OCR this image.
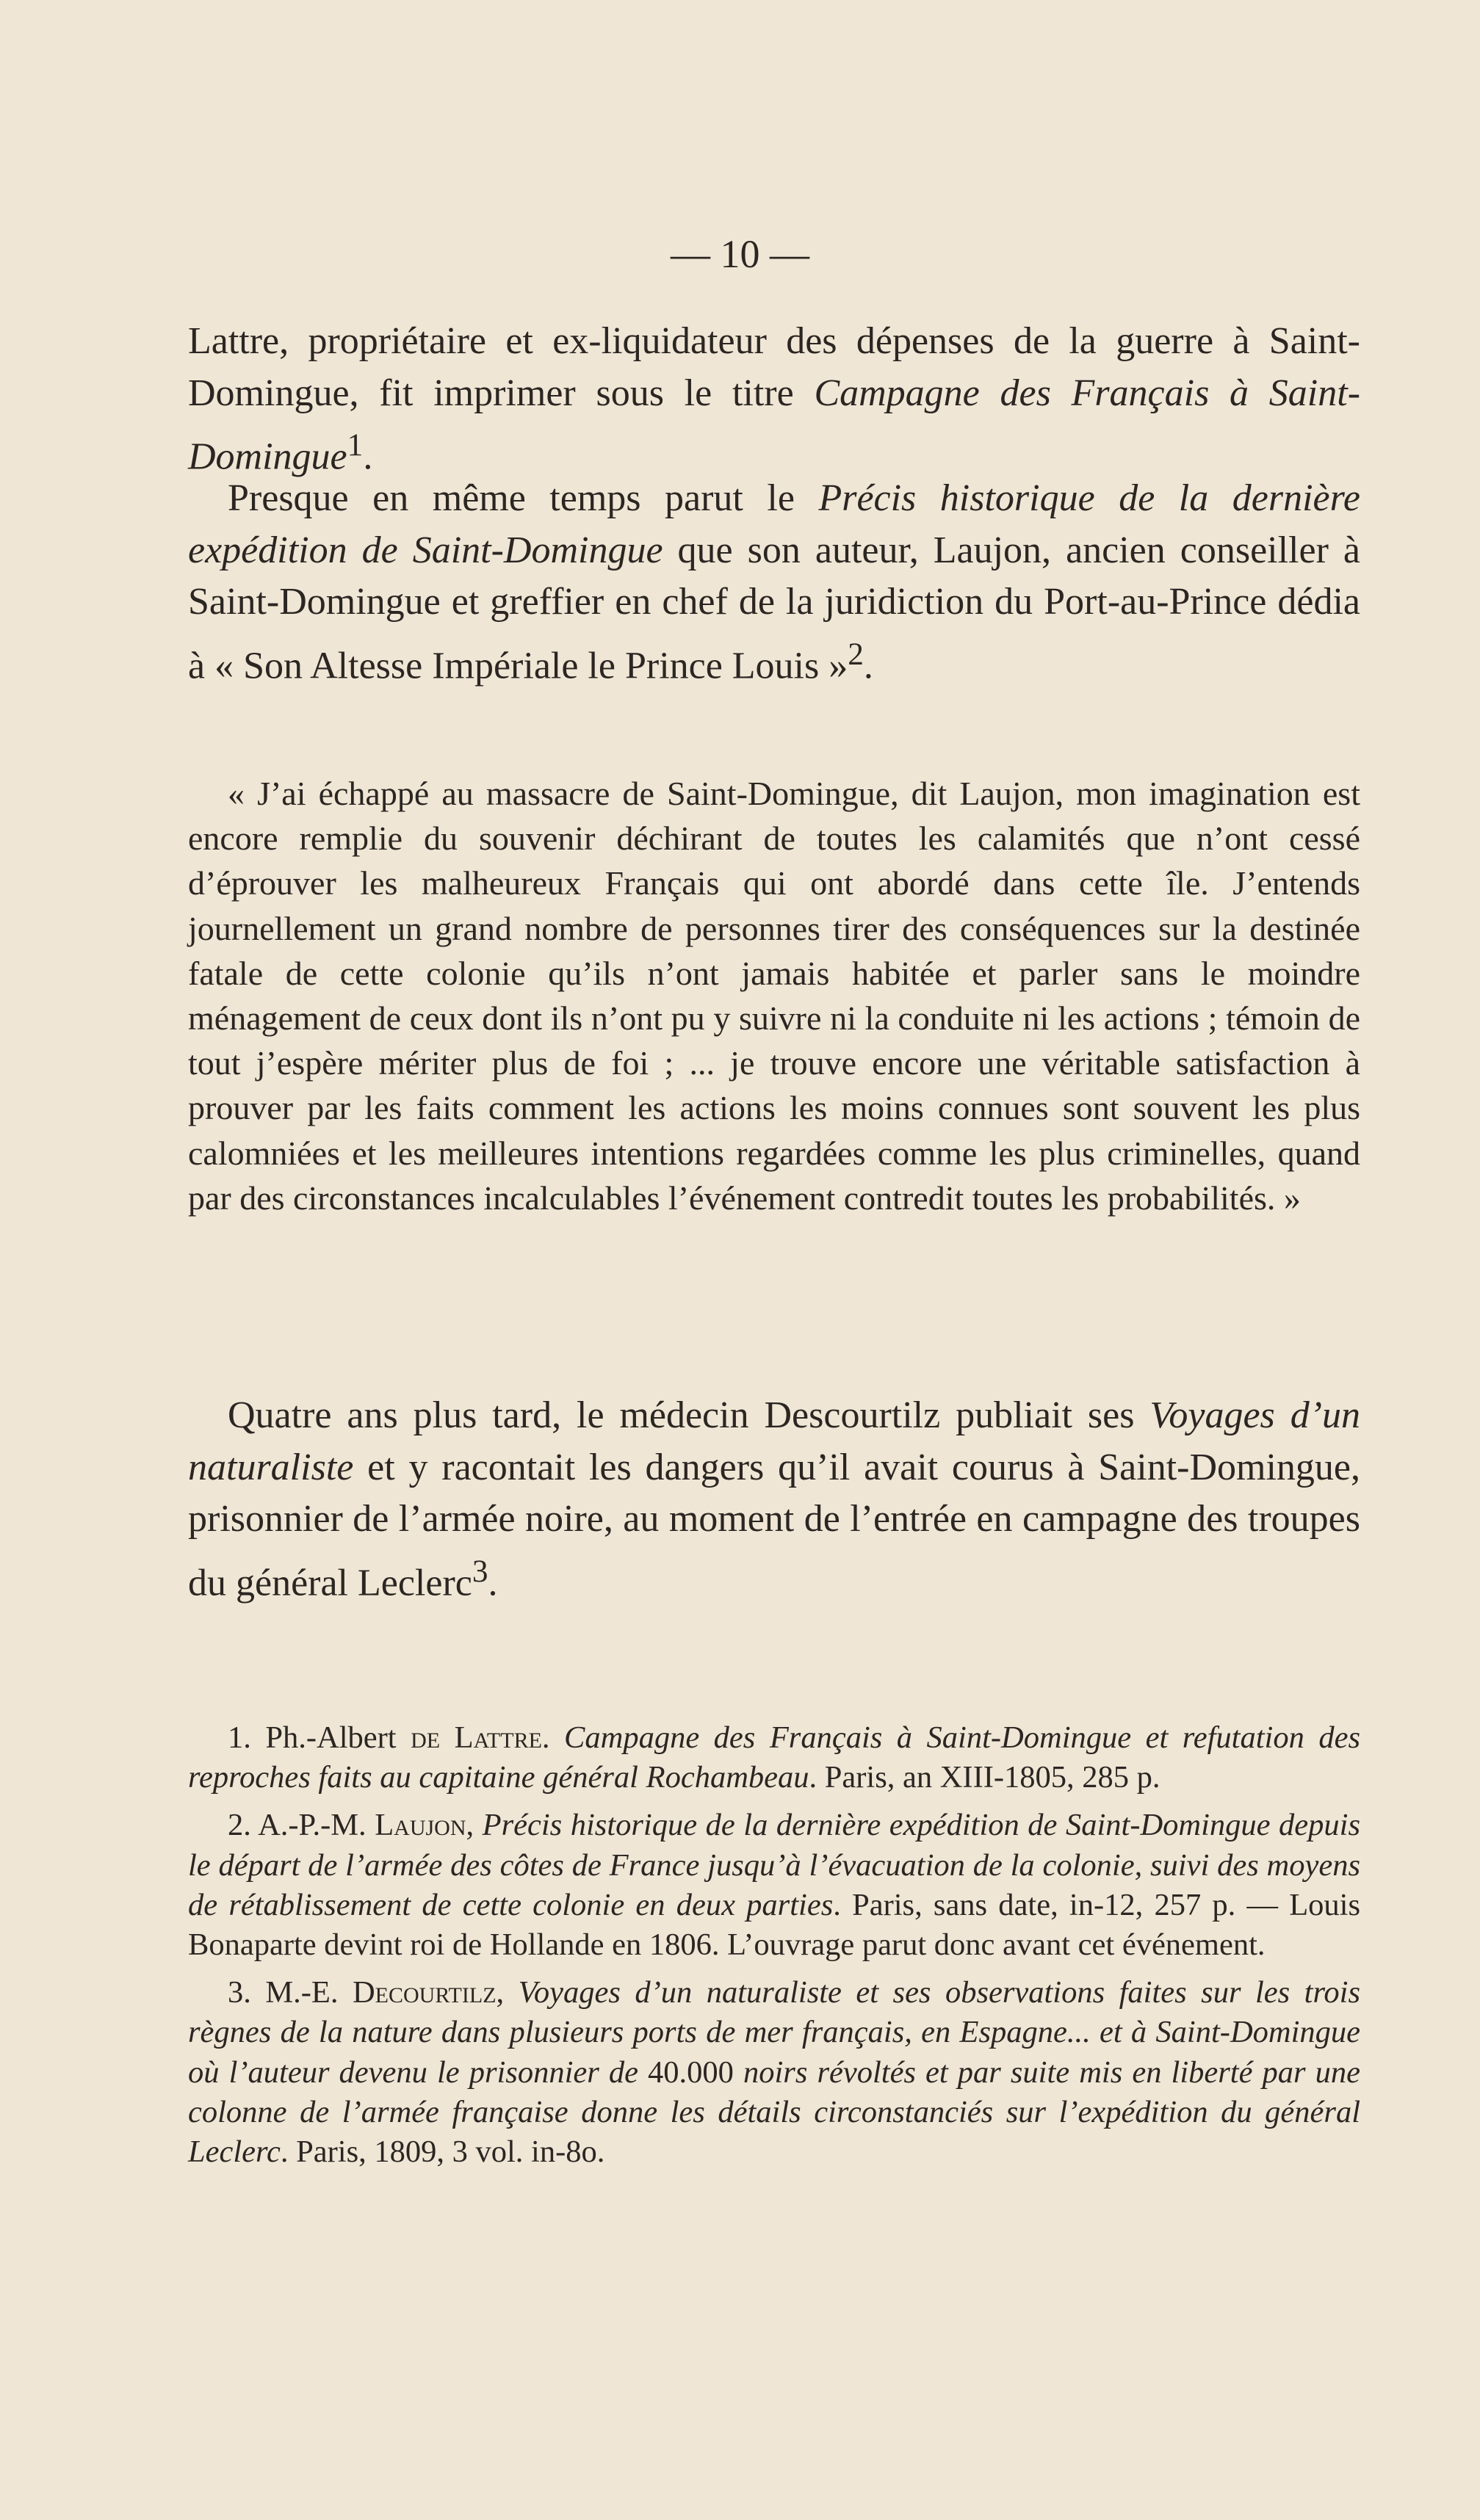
— 10 —

Lattre, propriétaire et ex-liquidateur des dépenses de la guerre à Saint-Domingue, fit imprimer sous le titre Campagne des Français à Saint-Domingue$^1$.

Presque en même temps parut le Précis historique de la dernière expédition de Saint-Domingue que son auteur, Laujon, ancien conseiller à Saint-Domingue et greffier en chef de la juridiction du Port-au-Prince dédia à « Son Altesse Impériale le Prince Louis »$^2$.

« J’ai échappé au massacre de Saint-Domingue, dit Laujon, mon imagination est encore remplie du souvenir déchirant de toutes les calamités que n’ont cessé d’éprouver les malheureux Français qui ont abordé dans cette île. J’entends journellement un grand nombre de personnes tirer des conséquences sur la destinée fatale de cette colonie qu’ils n’ont jamais habitée et parler sans le moindre ménagement de ceux dont ils n’ont pu y suivre ni la conduite ni les actions ; témoin de tout j’espère mériter plus de foi ; ... je trouve encore une véritable satisfaction à prouver par les faits comment les actions les moins connues sont souvent les plus calomniées et les meilleures intentions regardées comme les plus criminelles, quand par des circonstances incalculables l’événement contredit toutes les probabilités. »

Quatre ans plus tard, le médecin Descourtilz publiait ses Voyages d’un naturaliste et y racontait les dangers qu’il avait courus à Saint-Domingue, prisonnier de l’armée noire, au moment de l’entrée en campagne des troupes du général Leclerc$^3$.

1. Ph.-Albert de Lattre. Campagne des Français à Saint-Domingue et refutation des reproches faits au capitaine général Rochambeau. Paris, an XIII-1805, 285 p.

2. A.-P.-M. Laujon, Précis historique de la dernière expédition de Saint-Domingue depuis le départ de l’armée des côtes de France jusqu’à l’évacuation de la colonie, suivi des moyens de rétablissement de cette colonie en deux parties. Paris, sans date, in-12, 257 p. — Louis Bonaparte devint roi de Hollande en 1806. L’ouvrage parut donc avant cet événement.

3. M.-E. Decourtilz, Voyages d’un naturaliste et ses observations faites sur les trois règnes de la nature dans plusieurs ports de mer français, en Espagne... et à Saint-Domingue où l’auteur devenu le prisonnier de 40.000 noirs révoltés et par suite mis en liberté par une colonne de l’armée française donne les détails circonstanciés sur l’expédition du général Leclerc. Paris, 1809, 3 vol. in-8o.
